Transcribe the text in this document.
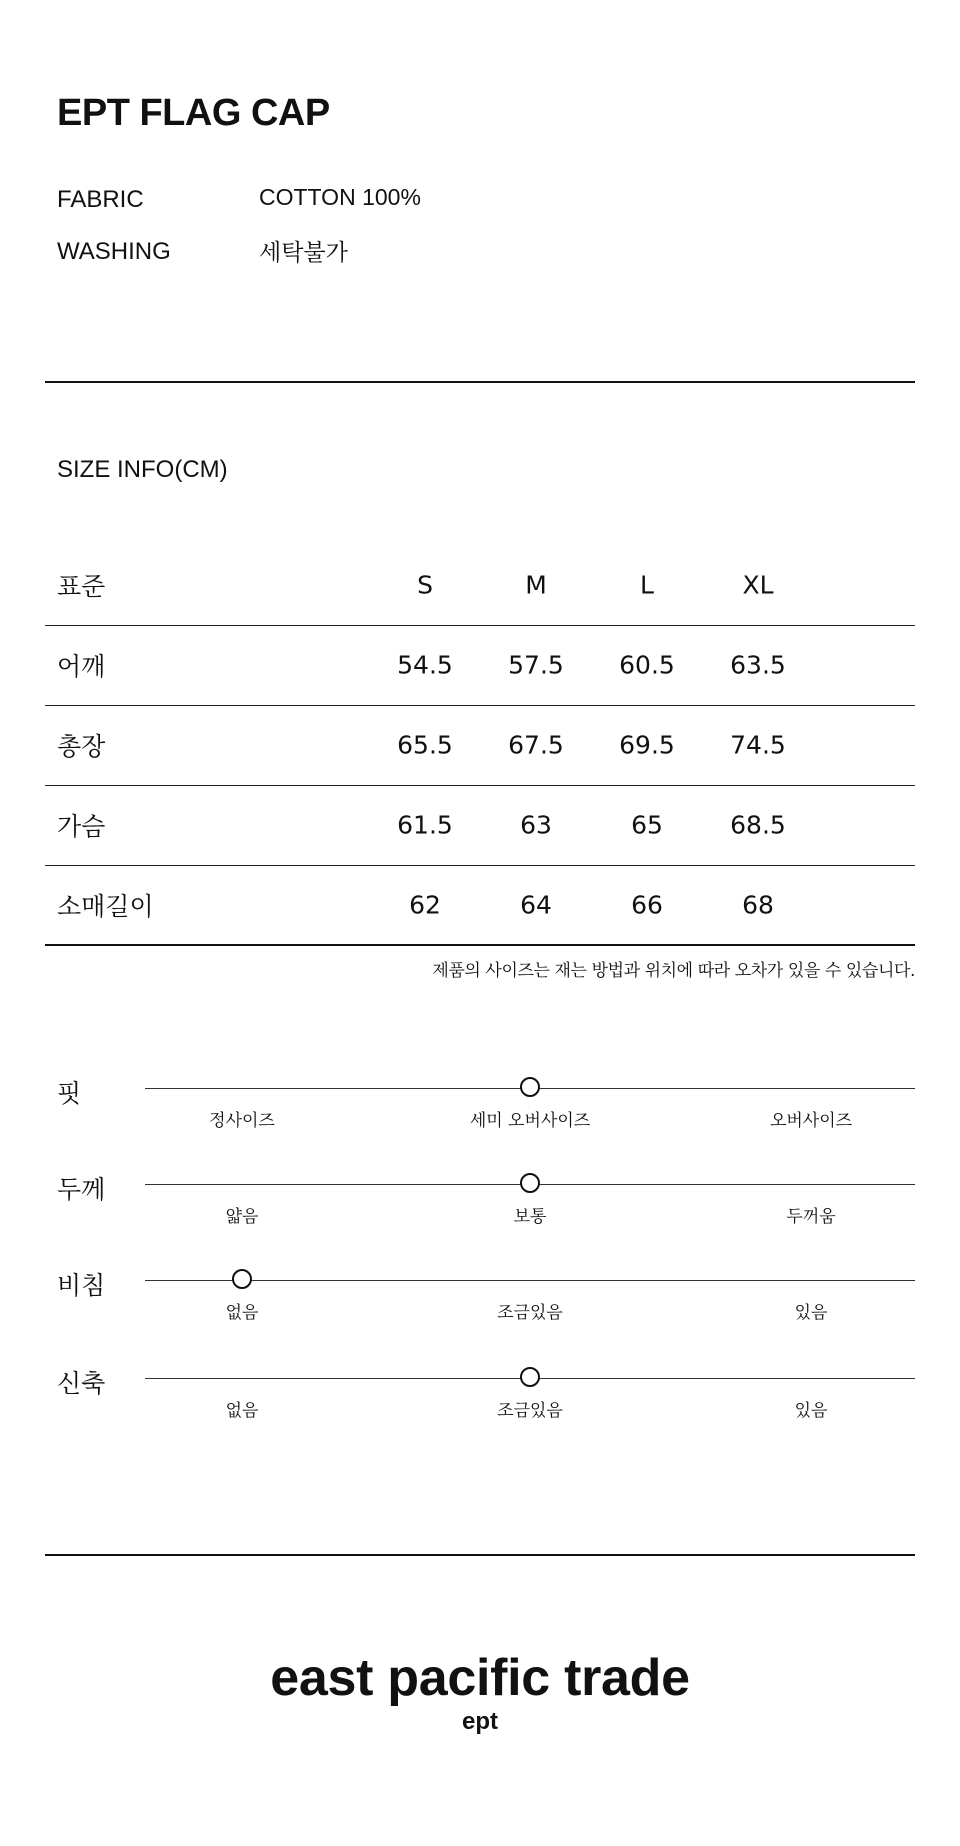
EPT FLAG CAP
FABRIC	COTTON 100%
WASHING	세탁불가
SIZE INFO(CM)
표준	S	M	L	XL
어깨	54.5	57.5	60.5	63.5
총장	65.5	67.5	69.5	74.5
가슴	61.5	63	65	68.5
소매길이	62	64	66	68
제품의 사이즈는 재는 방법과 위치에 따라 오차가 있을 수 있습니다.
핏
정사이즈	세미 오버사이즈	오버사이즈
두께
얇음	보통	두꺼움
비침
없음	조금있음	있음
신축
없음	조금있음	있음
east pacific trade
ept
